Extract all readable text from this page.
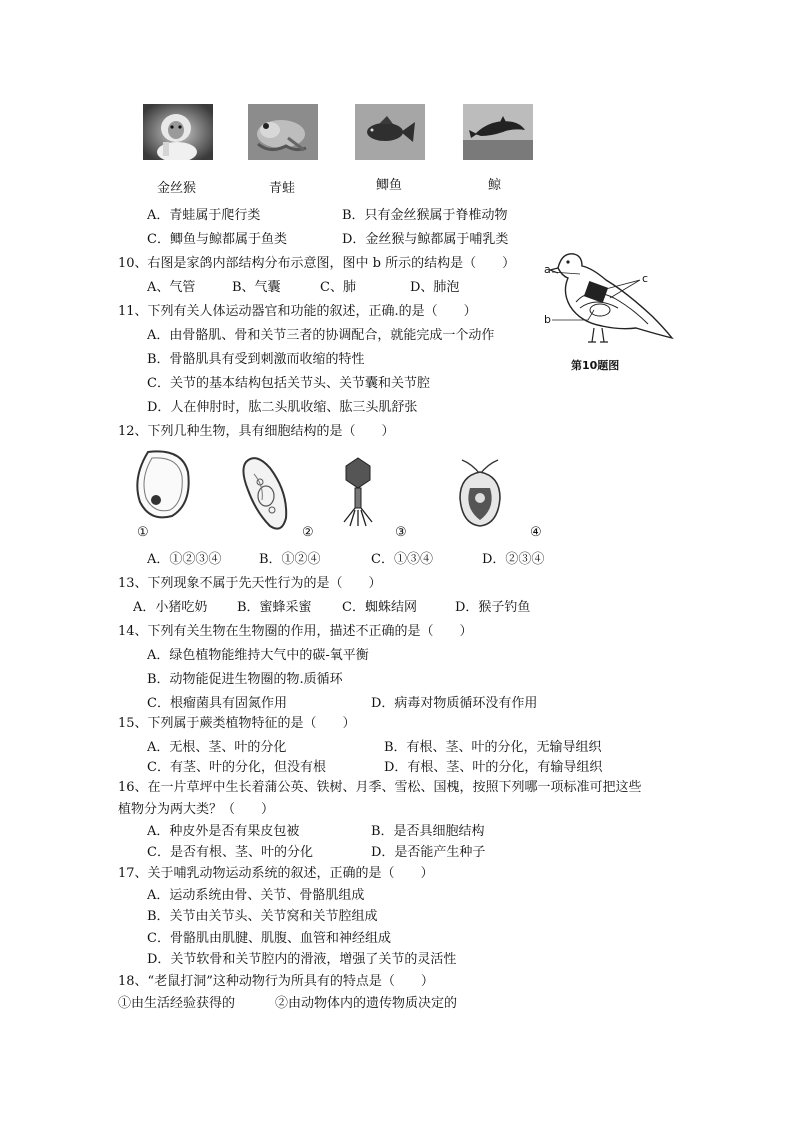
金丝猴	青蛙	鲫鱼	鲸
A．青蛙属于爬行类	B．只有金丝猴属于脊椎动物
C．鲫鱼与鲸都属于鱼类	D．金丝猴与鲸都属于哺乳类
10、右图是家鸽内部结构分布示意图，图中 b 所示的结构是（　　）
A、气管	B、气囊	C、肺	D、肺泡
a
b
c
第10题图
11、下列有关人体运动器官和功能的叙述，正确.的是（　　）
A．由骨骼肌、骨和关节三者的协调配合，就能完成一个动作
B．骨骼肌具有受到刺激而收缩的特性
C．关节的基本结构包括关节头、关节囊和关节腔
D．人在伸肘时，肱二头肌收缩、肱三头肌舒张
12、下列几种生物，具有细胞结构的是（　　）
①	②	③	④
A．①②③④	B．①②④	C．①③④	D．②③④
13、下列现象不属于先天性行为的是（　　）
A．小猪吃奶 B．蜜蜂采蜜 C．蜘蛛结网	D．猴子钓鱼
14、下列有关生物在生物圈的作用，描述不正确的是（　　）
A．绿色植物能维持大气中的碳-氧平衡
B．动物能促进生物圈的物.质循环
C．根瘤菌具有固氮作用	D．病毒对物质循环没有作用
15、下列属于蕨类植物特征的是（　　）
A．无根、茎、叶的分化	B．有根、茎、叶的分化，无输导组织
C．有茎、叶的分化，但没有根	D．有根、茎、叶的分化，有输导组织
16、在一片草坪中生长着蒲公英、铁树、月季、雪松、国槐，按照下列哪一项标准可把这些
植物分为两大类？（　　）
A．种皮外是否有果皮包被	B．是否具细胞结构
C．是否有根、茎、叶的分化	D．是否能产生种子
17、关于哺乳动物运动系统的叙述，正确的是（　　）
A．运动系统由骨、关节、骨骼肌组成
B．关节由关节头、关节窝和关节腔组成
C．骨骼肌由肌腱、肌腹、血管和神经组成
D．关节软骨和关节腔内的滑液，增强了关节的灵活性
18、“老鼠打洞”这种动物行为所具有的特点是（　　）
①由生活经验获得的	②由动物体内的遗传物质决定的
